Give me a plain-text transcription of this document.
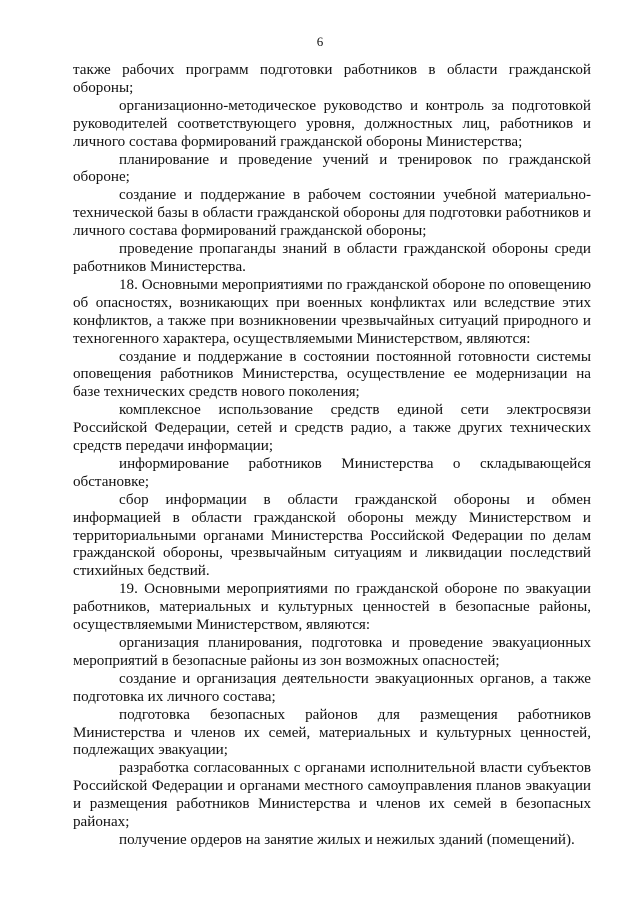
6

также рабочих программ подготовки работников в области гражданской обороны;

организационно-методическое руководство и контроль за подготовкой руководителей соответствующего уровня, должностных лиц, работников и личного состава формирований гражданской обороны Министерства;

планирование и проведение учений и тренировок по гражданской обороне;

создание и поддержание в рабочем состоянии учебной материально-технической базы в области гражданской обороны для подготовки работников и личного состава формирований гражданской обороны;

проведение пропаганды знаний в области гражданской обороны среди работников Министерства.

18. Основными мероприятиями по гражданской обороне по оповещению об опасностях, возникающих при военных конфликтах или вследствие этих конфликтов, а также при возникновении чрезвычайных ситуаций природного и техногенного характера, осуществляемыми Министерством, являются:

создание и поддержание в состоянии постоянной готовности системы оповещения работников Министерства, осуществление ее модернизации на базе технических средств нового поколения;

комплексное использование средств единой сети электросвязи Российской Федерации, сетей и средств радио, а также других технических средств передачи информации;

информирование работников Министерства о складывающейся обстановке;

сбор информации в области гражданской обороны и обмен информацией в области гражданской обороны между Министерством и территориальными органами Министерства Российской Федерации по делам гражданской обороны, чрезвычайным ситуациям и ликвидации последствий стихийных бедствий.

19. Основными мероприятиями по гражданской обороне по эвакуации работников, материальных и культурных ценностей в безопасные районы, осуществляемыми Министерством, являются:

организация планирования, подготовка и проведение эвакуационных мероприятий в безопасные районы из зон возможных опасностей;

создание и организация деятельности эвакуационных органов, а также подготовка их личного состава;

подготовка безопасных районов для размещения работников Министерства и членов их семей, материальных и культурных ценностей, подлежащих эвакуации;

разработка согласованных с органами исполнительной власти субъектов Российской Федерации и органами местного самоуправления планов эвакуации и размещения работников Министерства и членов их семей в безопасных районах;

получение ордеров на занятие жилых и нежилых зданий (помещений).
